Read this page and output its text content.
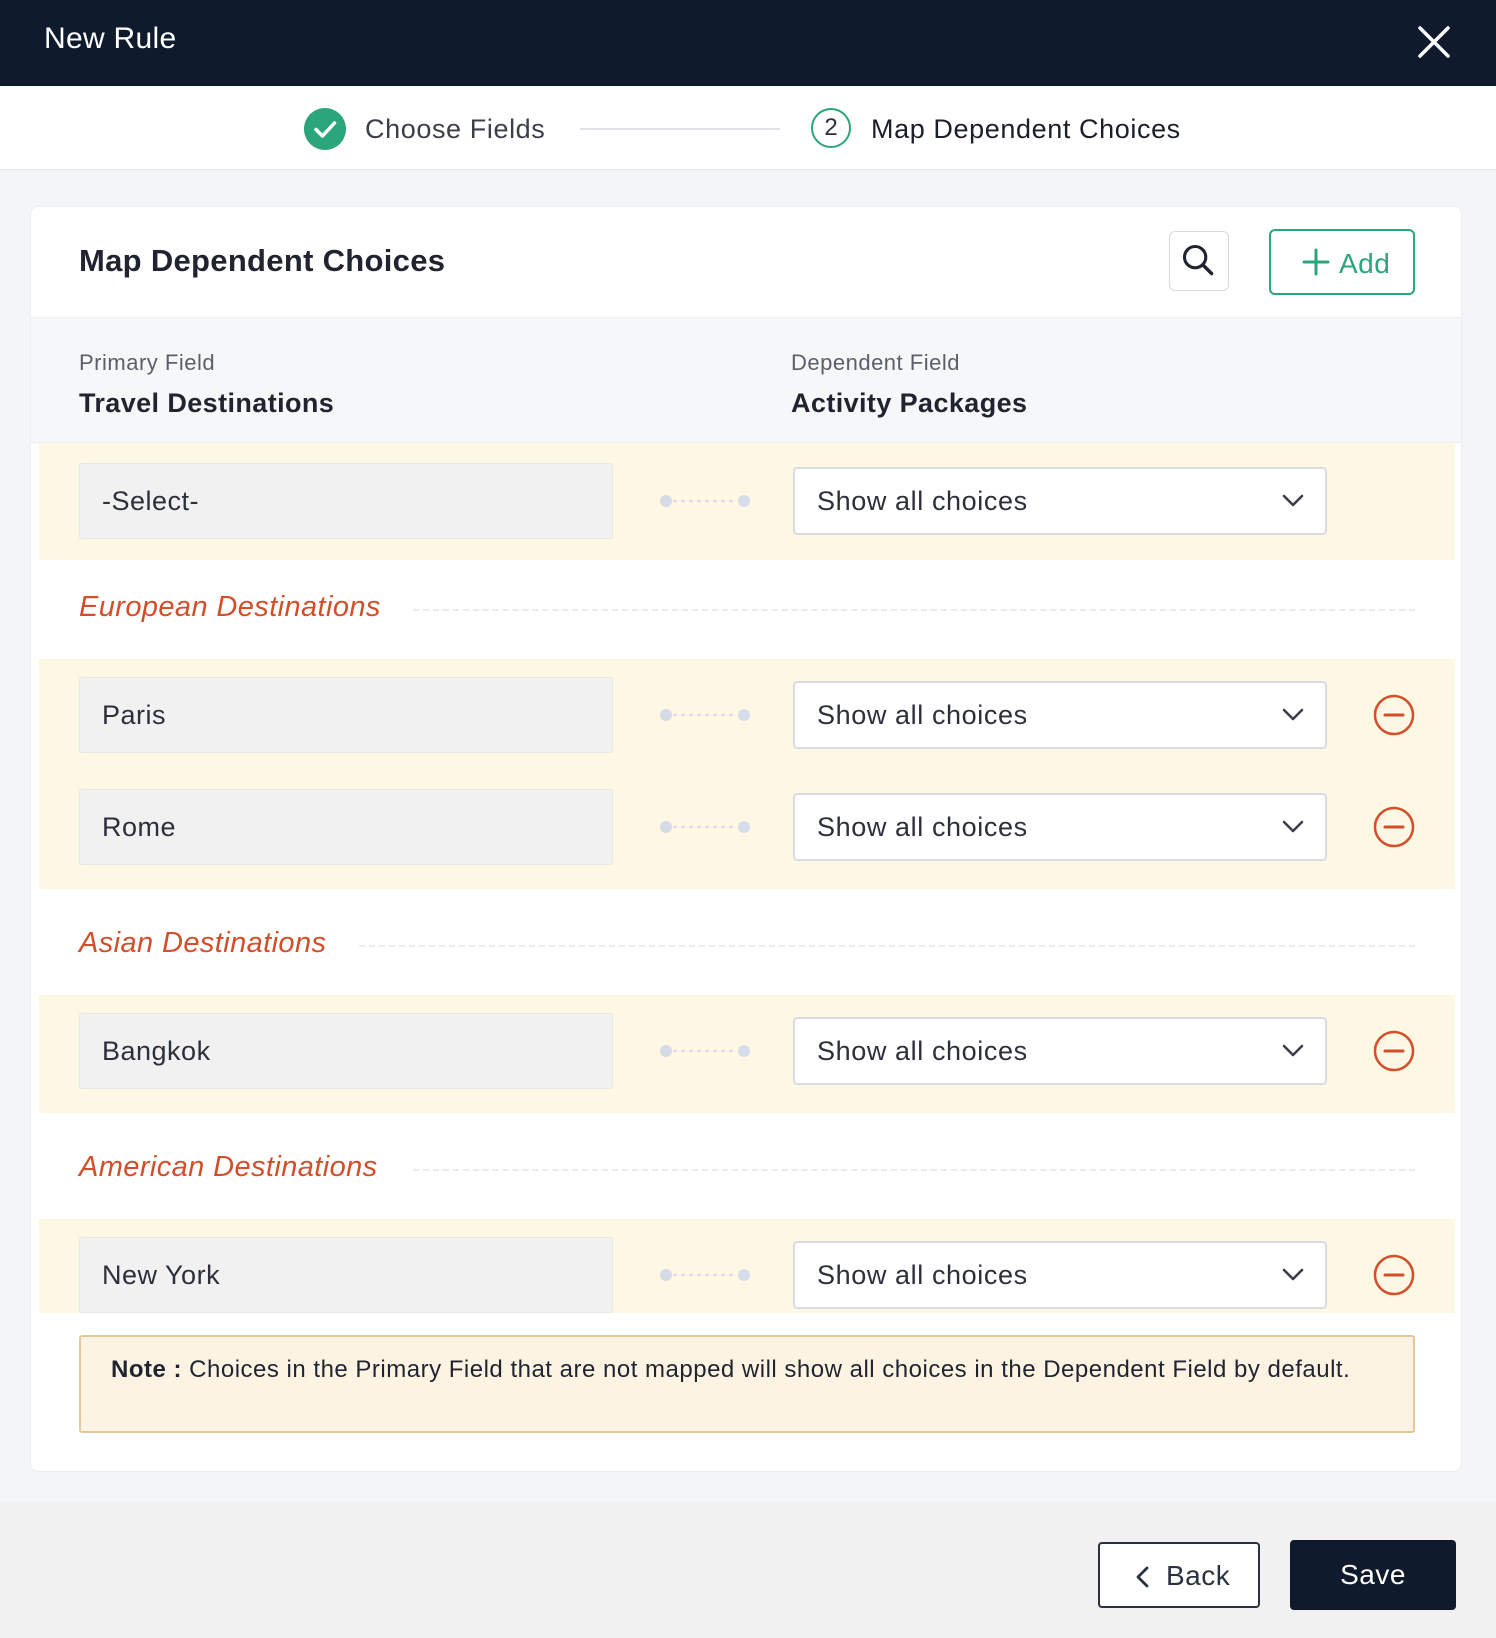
New Rule
Choose Fields	2	Map Dependent Choices
Map Dependent Choices	Add
Primary Field
Travel Destinations
Dependent Field
Activity Packages
-Select-	Show all choices
European Destinations
Paris	Show all choices
Rome	Show all choices
Asian Destinations
Bangkok	Show all choices
American Destinations
New York	Show all choices
Note : Choices in the Primary Field that are not mapped will show all choices in the Dependent Field by default.
Back	Save
